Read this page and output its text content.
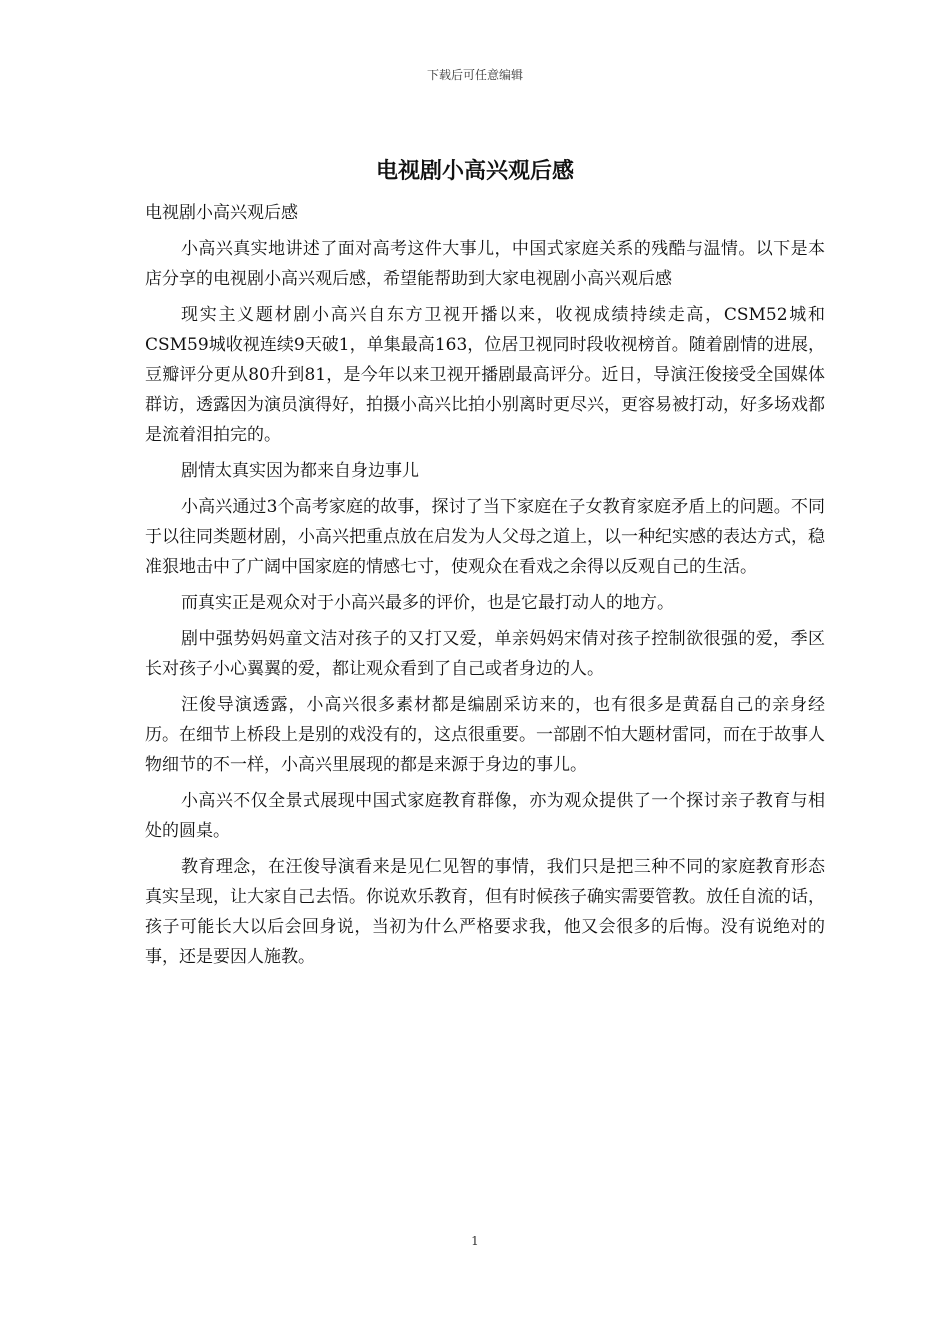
下载后可任意编辑
电视剧小高兴观后感

电视剧小高兴观后感

小高兴真实地讲述了面对高考这件大事儿，中国式家庭关系的残酷与温情。以下是本店分享的电视剧小高兴观后感，希望能帮助到大家电视剧小高兴观后感

现实主义题材剧小高兴自东方卫视开播以来，收视成绩持续走高，CSM52城和CSM59城收视连续9天破1，单集最高163，位居卫视同时段收视榜首。随着剧情的进展，豆瓣评分更从80升到81，是今年以来卫视开播剧最高评分。近日，导演汪俊接受全国媒体群访，透露因为演员演得好，拍摄小高兴比拍小别离时更尽兴，更容易被打动，好多场戏都是流着泪拍完的。

剧情太真实因为都来自身边事儿

小高兴通过3个高考家庭的故事，探讨了当下家庭在子女教育家庭矛盾上的问题。不同于以往同类题材剧，小高兴把重点放在启发为人父母之道上，以一种纪实感的表达方式，稳准狠地击中了广阔中国家庭的情感七寸，使观众在看戏之余得以反观自己的生活。

而真实正是观众对于小高兴最多的评价，也是它最打动人的地方。

剧中强势妈妈童文洁对孩子的又打又爱，单亲妈妈宋倩对孩子控制欲很强的爱，季区长对孩子小心翼翼的爱，都让观众看到了自己或者身边的人。

汪俊导演透露，小高兴很多素材都是编剧采访来的，也有很多是黄磊自己的亲身经历。在细节上桥段上是别的戏没有的，这点很重要。一部剧不怕大题材雷同，而在于故事人物细节的不一样，小高兴里展现的都是来源于身边的事儿。

小高兴不仅全景式展现中国式家庭教育群像，亦为观众提供了一个探讨亲子教育与相处的圆桌。

教育理念，在汪俊导演看来是见仁见智的事情，我们只是把三种不同的家庭教育形态真实呈现，让大家自己去悟。你说欢乐教育，但有时候孩子确实需要管教。放任自流的话，孩子可能长大以后会回身说，当初为什么严格要求我，他又会很多的后悔。没有说绝对的事，还是要因人施教。

1
